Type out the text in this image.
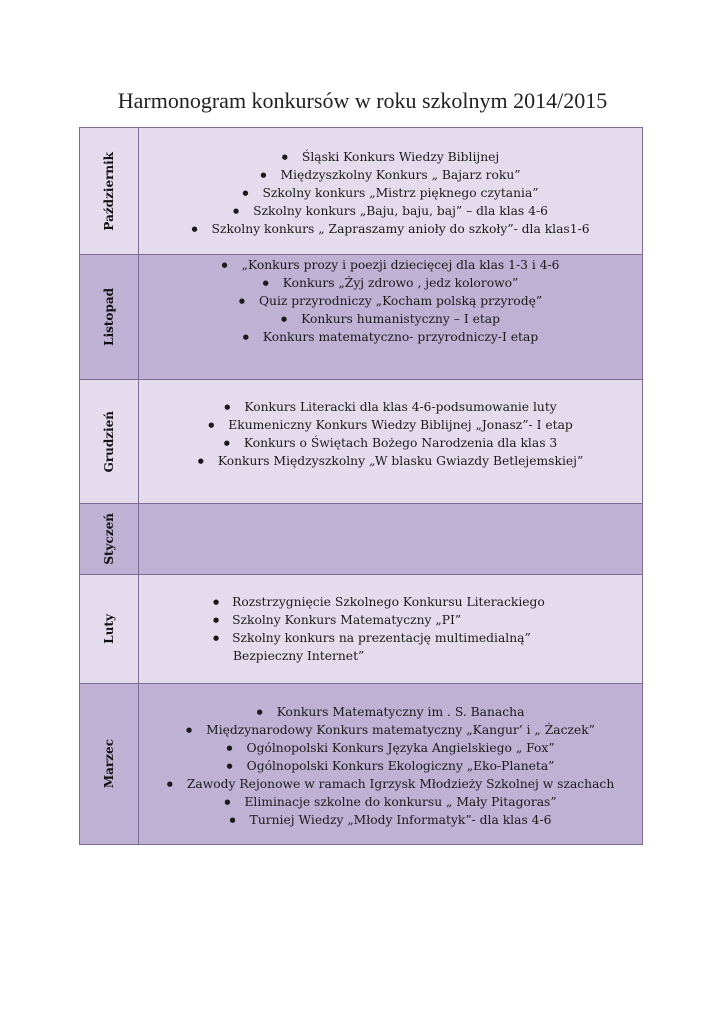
Harmonogram konkursów w roku szkolnym 2014/2015
Październik
●	Śląski Konkurs Wiedzy Biblijnej
● Międzyszkolny Konkurs „ Bajarz roku”
● Szkolny konkurs „Mistrz pięknego czytania”
● Szkolny konkurs „Baju, baju, baj” – dla klas 4-6
● Szkolny konkurs „ Zapraszamy anioły do szkoły”- dla klas1-6
Listopad
● „Konkurs prozy i poezji dziecięcej dla klas 1-3 i 4-6
● Konkurs „Żyj zdrowo , jedz kolorowo”
● Quiz przyrodniczy „Kocham polską przyrodę”
● Konkurs humanistyczny – I etap
● Konkurs matematyczno- przyrodniczy-I etap
Grudzień
● Konkurs Literacki dla klas 4-6-podsumowanie luty
● Ekumeniczny Konkurs Wiedzy Biblijnej „Jonasz”- I etap
● Konkurs o Świętach Bożego Narodzenia dla klas 3
● Konkurs Międzyszkolny „W blasku Gwiazdy Betlejemskiej”
Styczeń
Luty
● Rozstrzygnięcie Szkolnego Konkursu Literackiego
● Szkolny Konkurs Matematyczny „PI”
● Szkolny konkurs na prezentację multimedialną” Bezpieczny Internet”
Marzec
● Konkurs Matematyczny im . S. Banacha
● Międzynarodowy Konkurs matematyczny „Kangur’ i „ Żaczek”
● Ogólnopolski Konkurs Języka Angielskiego „ Fox”
● Ogólnopolski Konkurs Ekologiczny „Eko-Planeta”
● Zawody Rejonowe w ramach Igrzysk Młodzieży Szkolnej w szachach
● Eliminacje szkolne do konkursu „ Mały Pitagoras”
● Turniej Wiedzy „Młody Informatyk”- dla klas 4-6
